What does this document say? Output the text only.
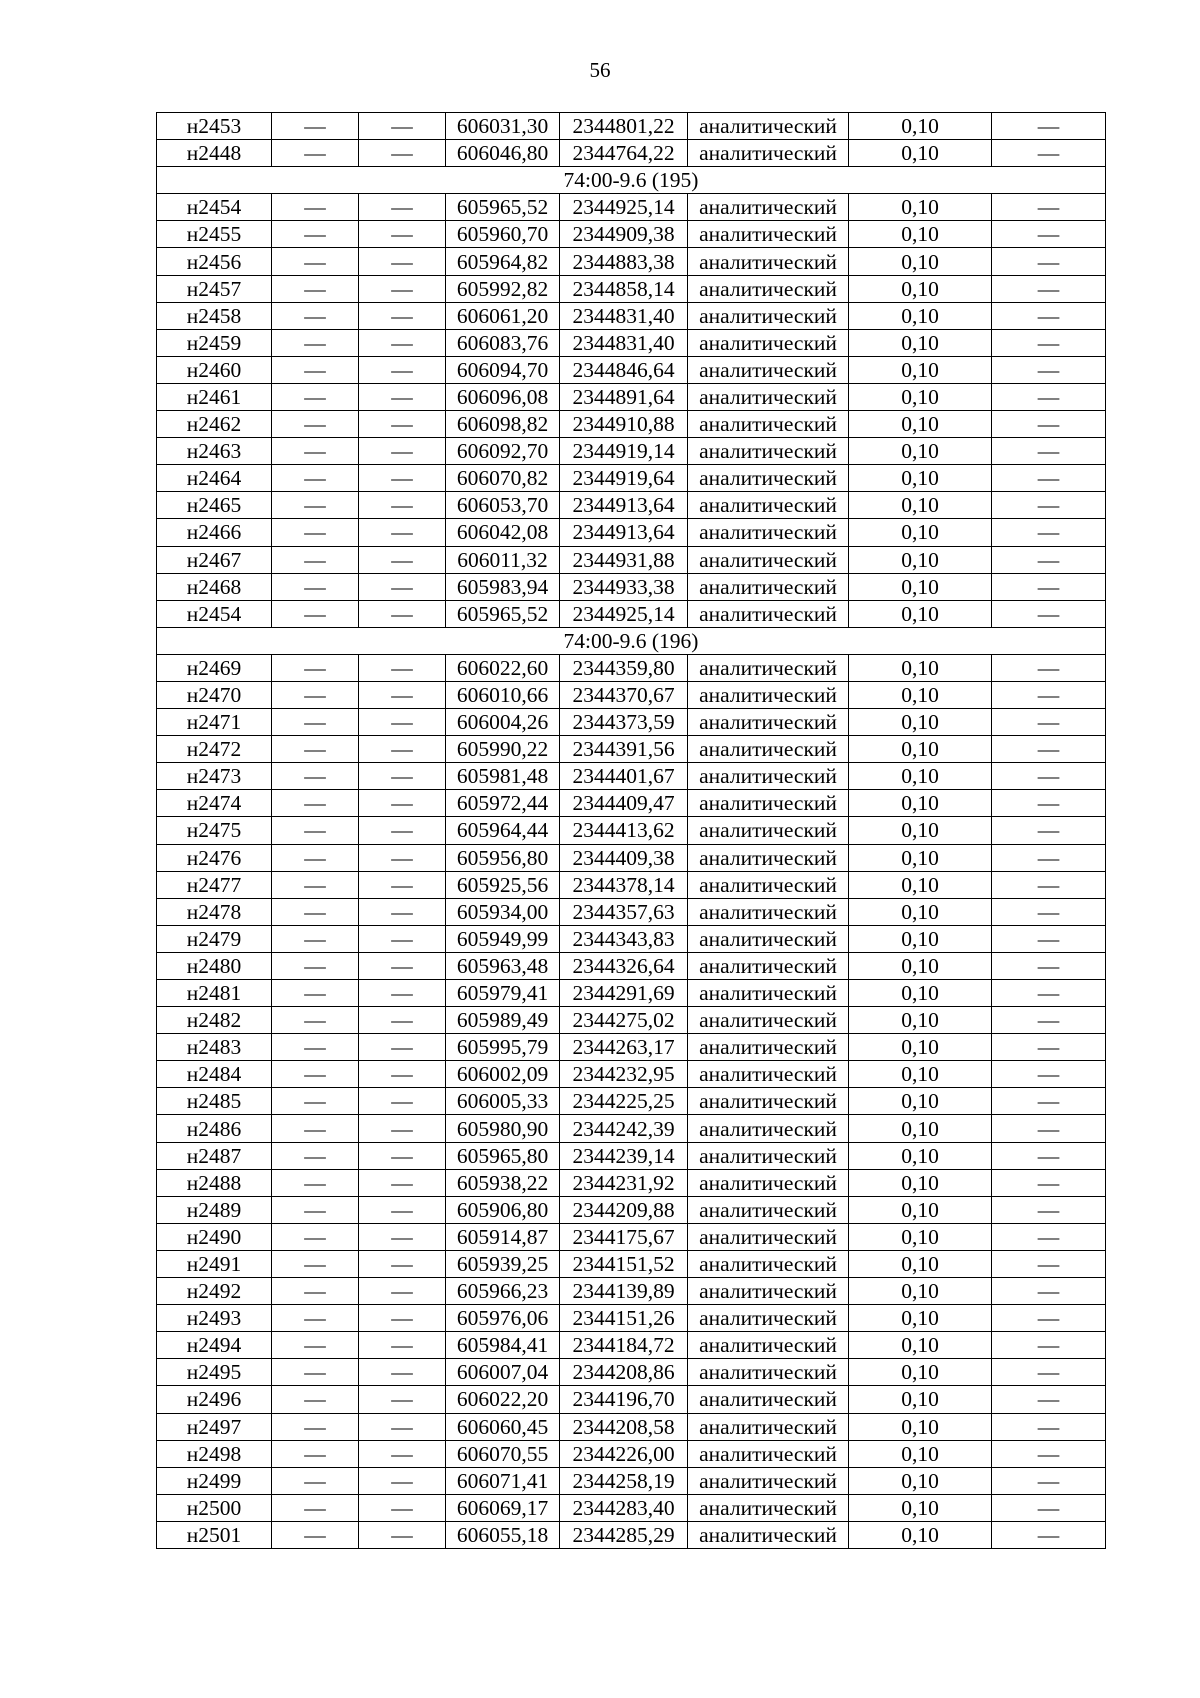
56
н2453	—	—	606031,30	2344801,22	аналитический	0,10	—
н2448	—	—	606046,80	2344764,22	аналитический	0,10	—
74:00-9.6 (195)							
н2454	—	—	605965,52	2344925,14	аналитический	0,10	—
н2455	—	—	605960,70	2344909,38	аналитический	0,10	—
н2456	—	—	605964,82	2344883,38	аналитический	0,10	—
н2457	—	—	605992,82	2344858,14	аналитический	0,10	—
н2458	—	—	606061,20	2344831,40	аналитический	0,10	—
н2459	—	—	606083,76	2344831,40	аналитический	0,10	—
н2460	—	—	606094,70	2344846,64	аналитический	0,10	—
н2461	—	—	606096,08	2344891,64	аналитический	0,10	—
н2462	—	—	606098,82	2344910,88	аналитический	0,10	—
н2463	—	—	606092,70	2344919,14	аналитический	0,10	—
н2464	—	—	606070,82	2344919,64	аналитический	0,10	—
н2465	—	—	606053,70	2344913,64	аналитический	0,10	—
н2466	—	—	606042,08	2344913,64	аналитический	0,10	—
н2467	—	—	606011,32	2344931,88	аналитический	0,10	—
н2468	—	—	605983,94	2344933,38	аналитический	0,10	—
н2454	—	—	605965,52	2344925,14	аналитический	0,10	—
74:00-9.6 (196)							
н2469	—	—	606022,60	2344359,80	аналитический	0,10	—
н2470	—	—	606010,66	2344370,67	аналитический	0,10	—
н2471	—	—	606004,26	2344373,59	аналитический	0,10	—
н2472	—	—	605990,22	2344391,56	аналитический	0,10	—
н2473	—	—	605981,48	2344401,67	аналитический	0,10	—
н2474	—	—	605972,44	2344409,47	аналитический	0,10	—
н2475	—	—	605964,44	2344413,62	аналитический	0,10	—
н2476	—	—	605956,80	2344409,38	аналитический	0,10	—
н2477	—	—	605925,56	2344378,14	аналитический	0,10	—
н2478	—	—	605934,00	2344357,63	аналитический	0,10	—
н2479	—	—	605949,99	2344343,83	аналитический	0,10	—
н2480	—	—	605963,48	2344326,64	аналитический	0,10	—
н2481	—	—	605979,41	2344291,69	аналитический	0,10	—
н2482	—	—	605989,49	2344275,02	аналитический	0,10	—
н2483	—	—	605995,79	2344263,17	аналитический	0,10	—
н2484	—	—	606002,09	2344232,95	аналитический	0,10	—
н2485	—	—	606005,33	2344225,25	аналитический	0,10	—
н2486	—	—	605980,90	2344242,39	аналитический	0,10	—
н2487	—	—	605965,80	2344239,14	аналитический	0,10	—
н2488	—	—	605938,22	2344231,92	аналитический	0,10	—
н2489	—	—	605906,80	2344209,88	аналитический	0,10	—
н2490	—	—	605914,87	2344175,67	аналитический	0,10	—
н2491	—	—	605939,25	2344151,52	аналитический	0,10	—
н2492	—	—	605966,23	2344139,89	аналитический	0,10	—
н2493	—	—	605976,06	2344151,26	аналитический	0,10	—
н2494	—	—	605984,41	2344184,72	аналитический	0,10	—
н2495	—	—	606007,04	2344208,86	аналитический	0,10	—
н2496	—	—	606022,20	2344196,70	аналитический	0,10	—
н2497	—	—	606060,45	2344208,58	аналитический	0,10	—
н2498	—	—	606070,55	2344226,00	аналитический	0,10	—
н2499	—	—	606071,41	2344258,19	аналитический	0,10	—
н2500	—	—	606069,17	2344283,40	аналитический	0,10	—
н2501	—	—	606055,18	2344285,29	аналитический	0,10	—
